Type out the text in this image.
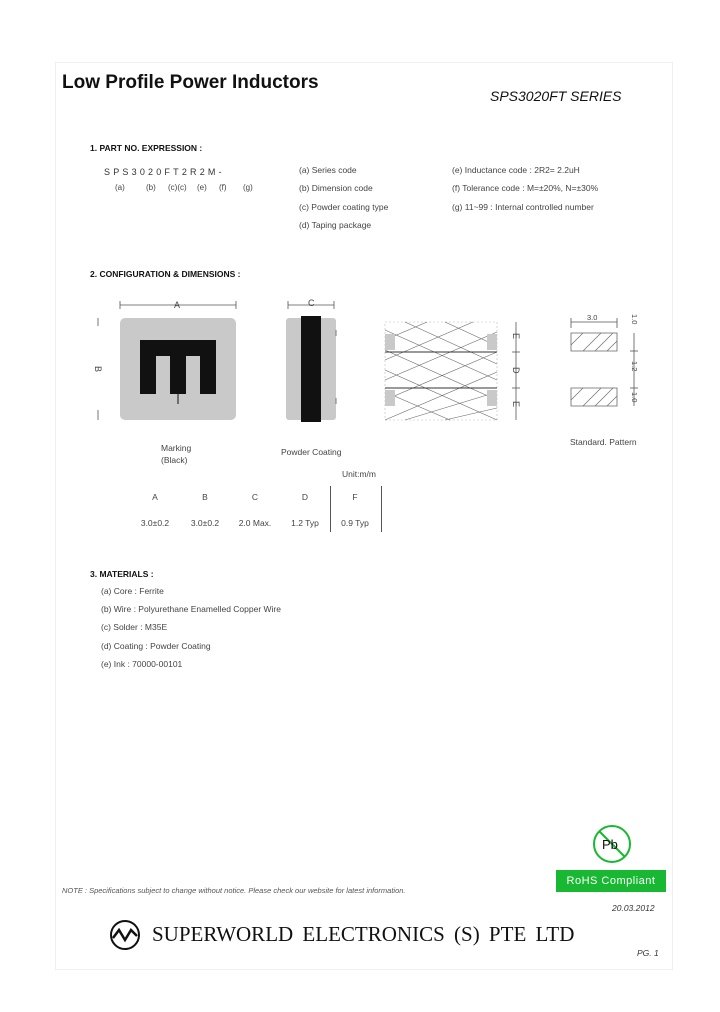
Low Profile Power Inductors
SPS3020FT SERIES
1. PART NO. EXPRESSION :
SPS3020FT2R2M-
(a)	(b) (c)(c) (e) (f) (g)
(a) Series code
(b) Dimension code
(c) Powder coating type
(d) Taping package
(e) Inductance code : 2R2= 2.2uH
(f) Tolerance code : M=±20%, N=±30%
(g) 11~99 : Internal controlled number
2. CONFIGURATION & DIMENSIONS :
A
B
C
E
D
E
3.0	1.0
1.2
1.0
Marking
(Black)
Powder Coating
Standard. Pattern
Unit:m/m
A
3.0±0.2
B
3.0±0.2
C
2.0 Max.
D
1.2 Typ
F
0.9 Typ
3. MATERIALS :
(a) Core : Ferrite
(b) Wire : Polyurethane Enamelled Copper Wire
(c) Solder : M35E
(d) Coating : Powder Coating
(e) Ink : 70000-00101
Pb
RoHS Compliant
NOTE : Specifications subject to change without notice. Please check our website for latest information.
20.03.2012
SUPERWORLD ELECTRONICS (S) PTE LTD
PG. 1
